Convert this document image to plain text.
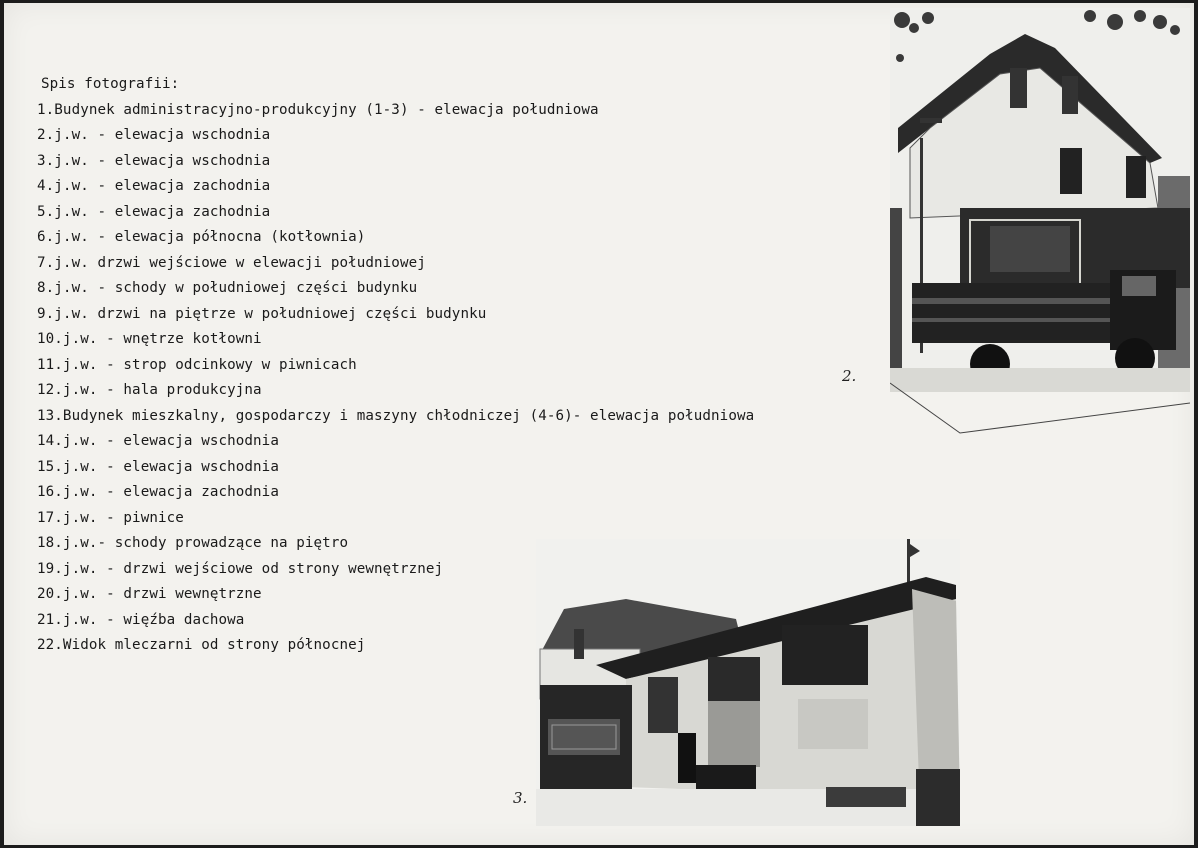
Spis fotografii:
1.Budynek administracyjno-produkcyjny (1-3) - elewacja południowa
2.j.w. - elewacja wschodnia
3.j.w. - elewacja wschodnia
4.j.w. - elewacja zachodnia
5.j.w. - elewacja zachodnia
6.j.w. - elewacja północna (kotłownia)
7.j.w. drzwi wejściowe w elewacji południowej
8.j.w. - schody w południowej części budynku
9.j.w. drzwi na piętrze w południowej części budynku
10.j.w. - wnętrze kotłowni
11.j.w. - strop odcinkowy w piwnicach
12.j.w. - hala produkcyjna
13.Budynek mieszkalny, gospodarczy i maszyny chłodniczej (4-6)- elewacja południowa
14.j.w. - elewacja wschodnia
15.j.w. - elewacja wschodnia
16.j.w. - elewacja zachodnia
17.j.w. - piwnice
18.j.w.- schody prowadzące na piętro
19.j.w. - drzwi wejściowe od strony wewnętrznej
20.j.w. - drzwi wewnętrzne
21.j.w. - więźba dachowa
22.Widok mleczarni od strony północnej
2.
3.
